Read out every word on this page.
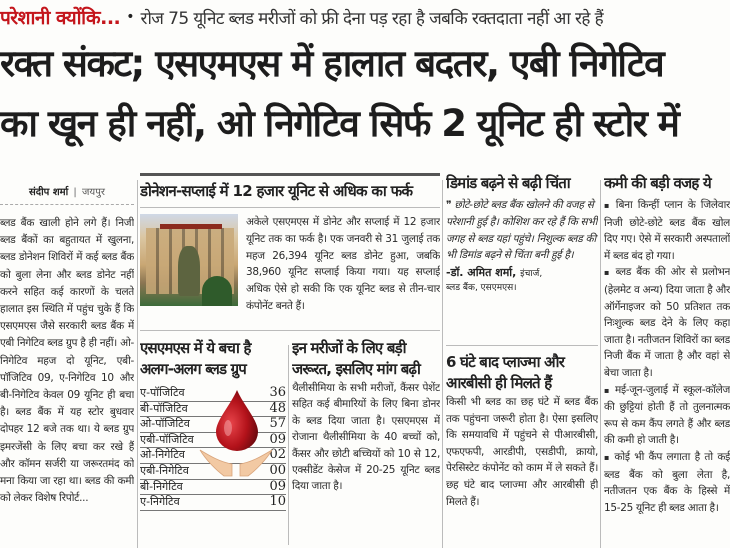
परेशानी क्योंकि... • रोज 75 यूनिट ब्लड मरीजों को फ्री देना पड़ रहा है जबकि रक्तदाता नहीं आ रहे हैं
रक्त संकट; एसएमएस में हालात बदतर, एबी निगेटिव
का खून ही नहीं, ओ निगेटिव सिर्फ 2 यूनिट ही स्टोर में
संदीप शर्मा | जयपुर

ब्लड बैंक खाली होने लगे हैं। निजी ब्लड बैंकों का बहुतायत में खुलना, ब्लड डोनेशन शिविरों में कई ब्लड बैंक को बुला लेना और ब्लड डोनेट नहीं करने सहित कई कारणों के चलते हालात इस स्थिति में पहुंच चुके हैं कि एसएमएस जैसे सरकारी ब्लड बैंक में एबी निगेटिव ब्लड ग्रुप है ही नहीं। ओ-निगेटिव महज दो यूनिट, एबी-पॉजिटिव 09, ए-निगेटिव 10 और बी-निगेटिव केवल 09 यूनिट ही बचा है। ब्लड बैंक में यह स्टोर बुधवार दोपहर 12 बजे तक था। ये ब्लड ग्रुप इमरजेंसी के लिए बचा कर रखे हैं और कॉमन सर्जरी या जरूरतमंद को मना किया जा रहा था। ब्लड की कमी को लेकर विशेष रिपोर्ट...

डोनेशन-सप्लाई में 12 हजार यूनिट से अधिक का फर्क

अकेले एसएमएस में डोनेट और सप्लाई में 12 हजार यूनिट तक का फर्क है। एक जनवरी से 31 जुलाई तक महज 26,394 यूनिट ब्लड डोनेट हुआ, जबकि 38,960 यूनिट सप्लाई किया गया। यह सप्लाई अधिक ऐसे हो सकी कि एक यूनिट ब्लड से तीन-चार कंपोनेंट बनते हैं।

एसएमएस में ये बचा है अलग-अलग ब्लड ग्रुप
ए-पॉजिटिव	36
बी-पॉजिटिव	48
ओ-पॉजिटिव	57
एबी-पॉजिटिव	09
ओ-निगेटिव	02
एबी-निगेटिव	00
बी-निगेटिव	09
ए-निगेटिव	10
इन मरीजों के लिए बड़ी जरूरत, इसलिए मांग बढ़ी

थैलीसीमिया के सभी मरीजों, कैंसर पेशेंट सहित कई बीमारियों के लिए बिना डोनर के ब्लड दिया जाता है। एसएमएस में रोजाना थैलीसीमिया के 40 बच्चों को, कैंसर और छोटी बच्चियों को 10 से 12, एक्सीडेंट केसेज में 20-25 यूनिट ब्लड दिया जाता है।

डिमांड बढ़ने से बढ़ी चिंता

❞ छोटे-छोटे ब्लड बैंक खोलने की वजह से परेशानी हुई है। कोशिश कर रहे हैं कि सभी जगह से ब्लड यहां पहुंचे। निशुल्क ब्लड की भी डिमांड बढ़ने से चिंता बनी हुई है।

-डॉ. अमित शर्मा, इंचार्ज,
ब्लड बैंक, एसएमएस।
6 घंटे बाद प्लाज्मा और आरबीसी ही मिलते हैं

किसी भी ब्लड का छह घंटे में ब्लड बैंक तक पहुंचना जरूरी होता है। ऐसा इसलिए कि समयावधि में पहुंचने से पीआरबीसी, एफएफपी, आरडीपी, एसडीपी, क्रायो, पेरसिस्टेट कंपोनेंट को काम में ले सकते हैं। छह घंटे बाद प्लाज्मा और आरबीसी ही मिलते हैं।

कमी की बड़ी वजह ये

▪ बिना किन्हीं प्लान के जिलेवार निजी छोटे-छोटे ब्लड बैंक खोल दिए गए। ऐसे में सरकारी अस्पतालों में ब्लड बंद हो गया।

▪ ब्लड बैंक की ओर से प्रलोभन (हेलमेट व अन्य) दिया जाता है और ऑर्गेनाइजर को 50 प्रतिशत तक निःशुल्क ब्लड देने के लिए कहा जाता है। नतीजतन शिविरों का ब्लड निजी बैंक में जाता है और वहां से बेचा जाता है।

▪ मई-जून-जुलाई में स्कूल-कॉलेज की छुट्टियां होती हैं तो तुलनात्मक रूप से कम कैंप लगते हैं और ब्लड की कमी हो जाती है।

▪ कोई भी कैंप लगाता है तो कई ब्लड बैंक को बुला लेता है, नतीजतन एक बैंक के हिस्से में 15-25 यूनिट ही ब्लड आता है।
